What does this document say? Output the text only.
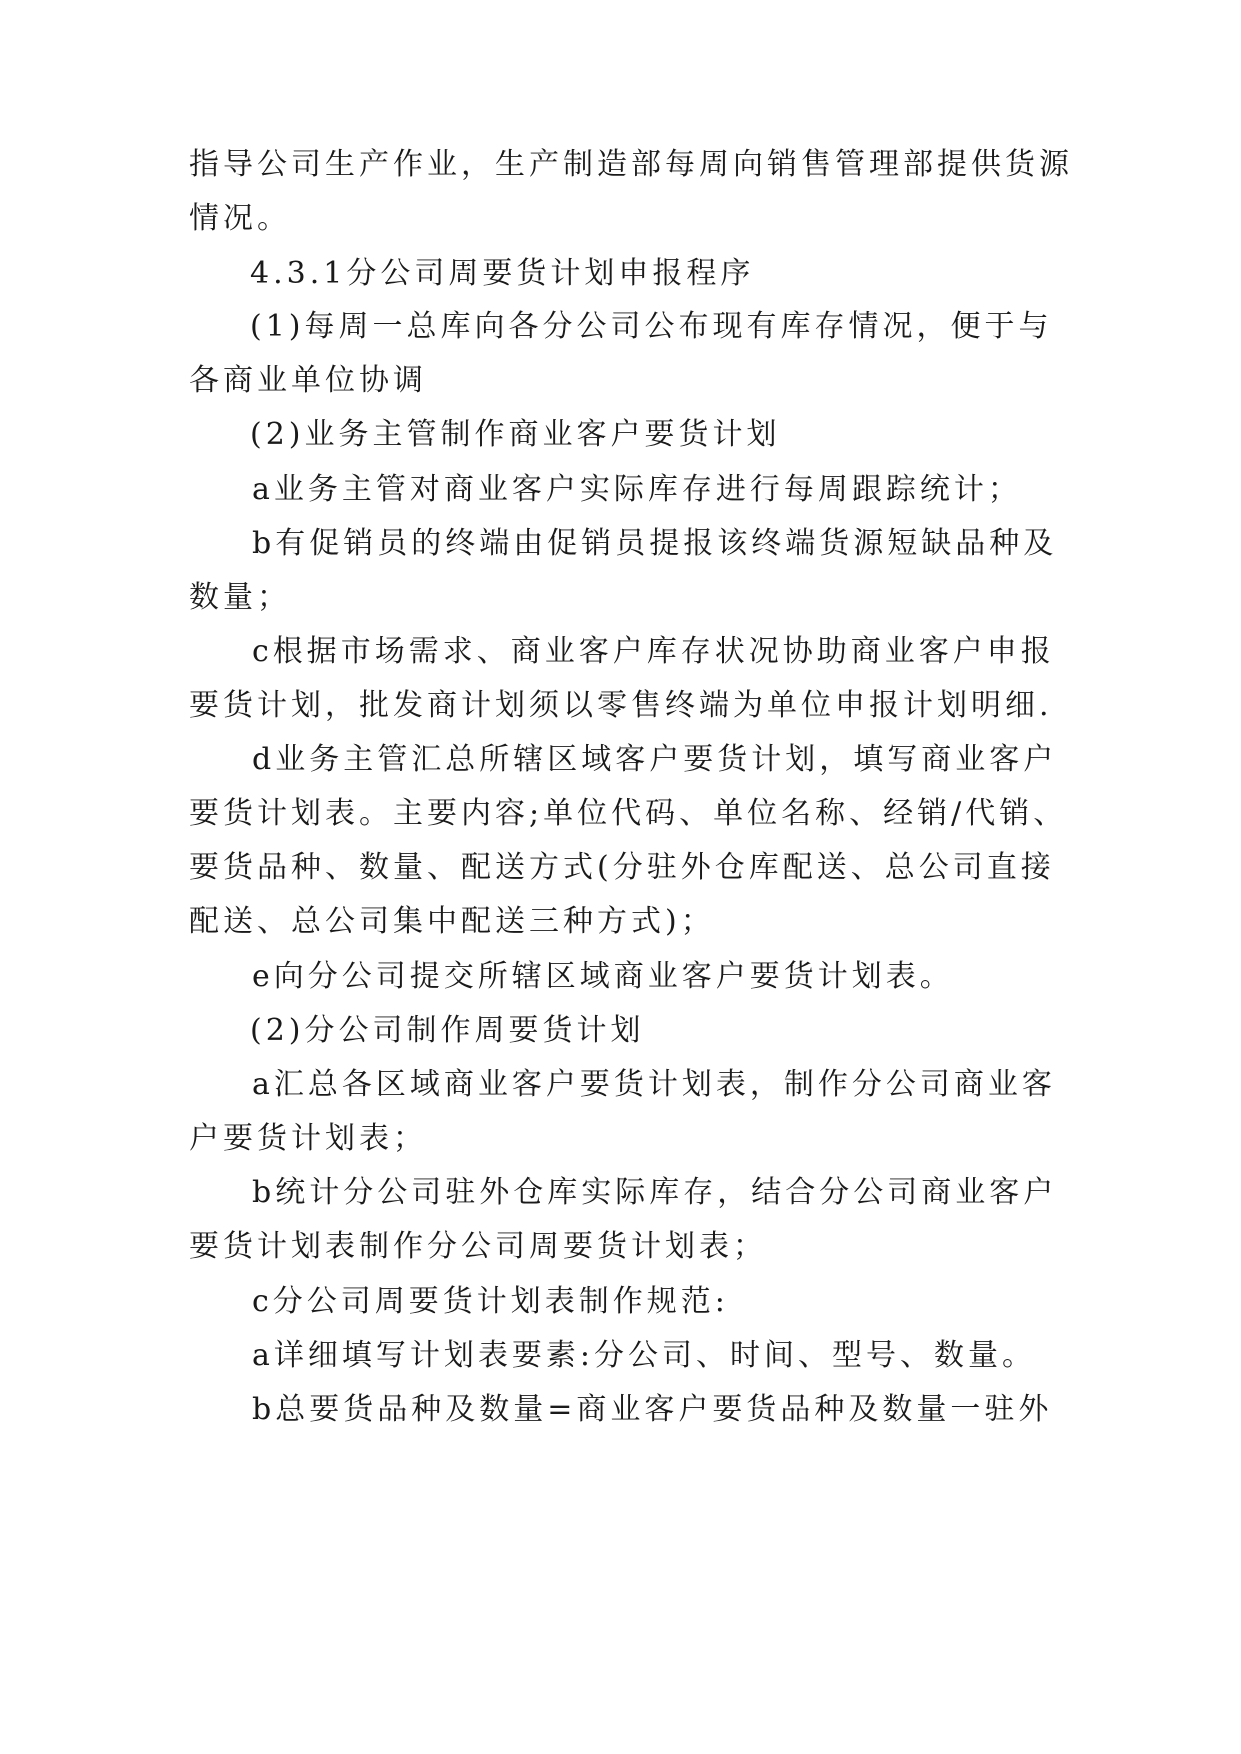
指导公司生产作业，生产制造部每周向销售管理部提供货源
情况。
4.3.1分公司周要货计划申报程序
(1)每周一总库向各分公司公布现有库存情况，便于与
各商业单位协调
(2)业务主管制作商业客户要货计划
a业务主管对商业客户实际库存进行每周跟踪统计；
b有促销员的终端由促销员提报该终端货源短缺品种及
数量；
c根据市场需求、商业客户库存状况协助商业客户申报
要货计划，批发商计划须以零售终端为单位申报计划明细.
d业务主管汇总所辖区域客户要货计划，填写商业客户
要货计划表。主要内容;单位代码、单位名称、经销/代销、
要货品种、数量、配送方式(分驻外仓库配送、总公司直接
配送、总公司集中配送三种方式)；
e向分公司提交所辖区域商业客户要货计划表。
(2)分公司制作周要货计划
a汇总各区域商业客户要货计划表，制作分公司商业客
户要货计划表；
b统计分公司驻外仓库实际库存，结合分公司商业客户
要货计划表制作分公司周要货计划表；
c分公司周要货计划表制作规范:
a详细填写计划表要素:分公司、时间、型号、数量。
b总要货品种及数量=商业客户要货品种及数量一驻外
